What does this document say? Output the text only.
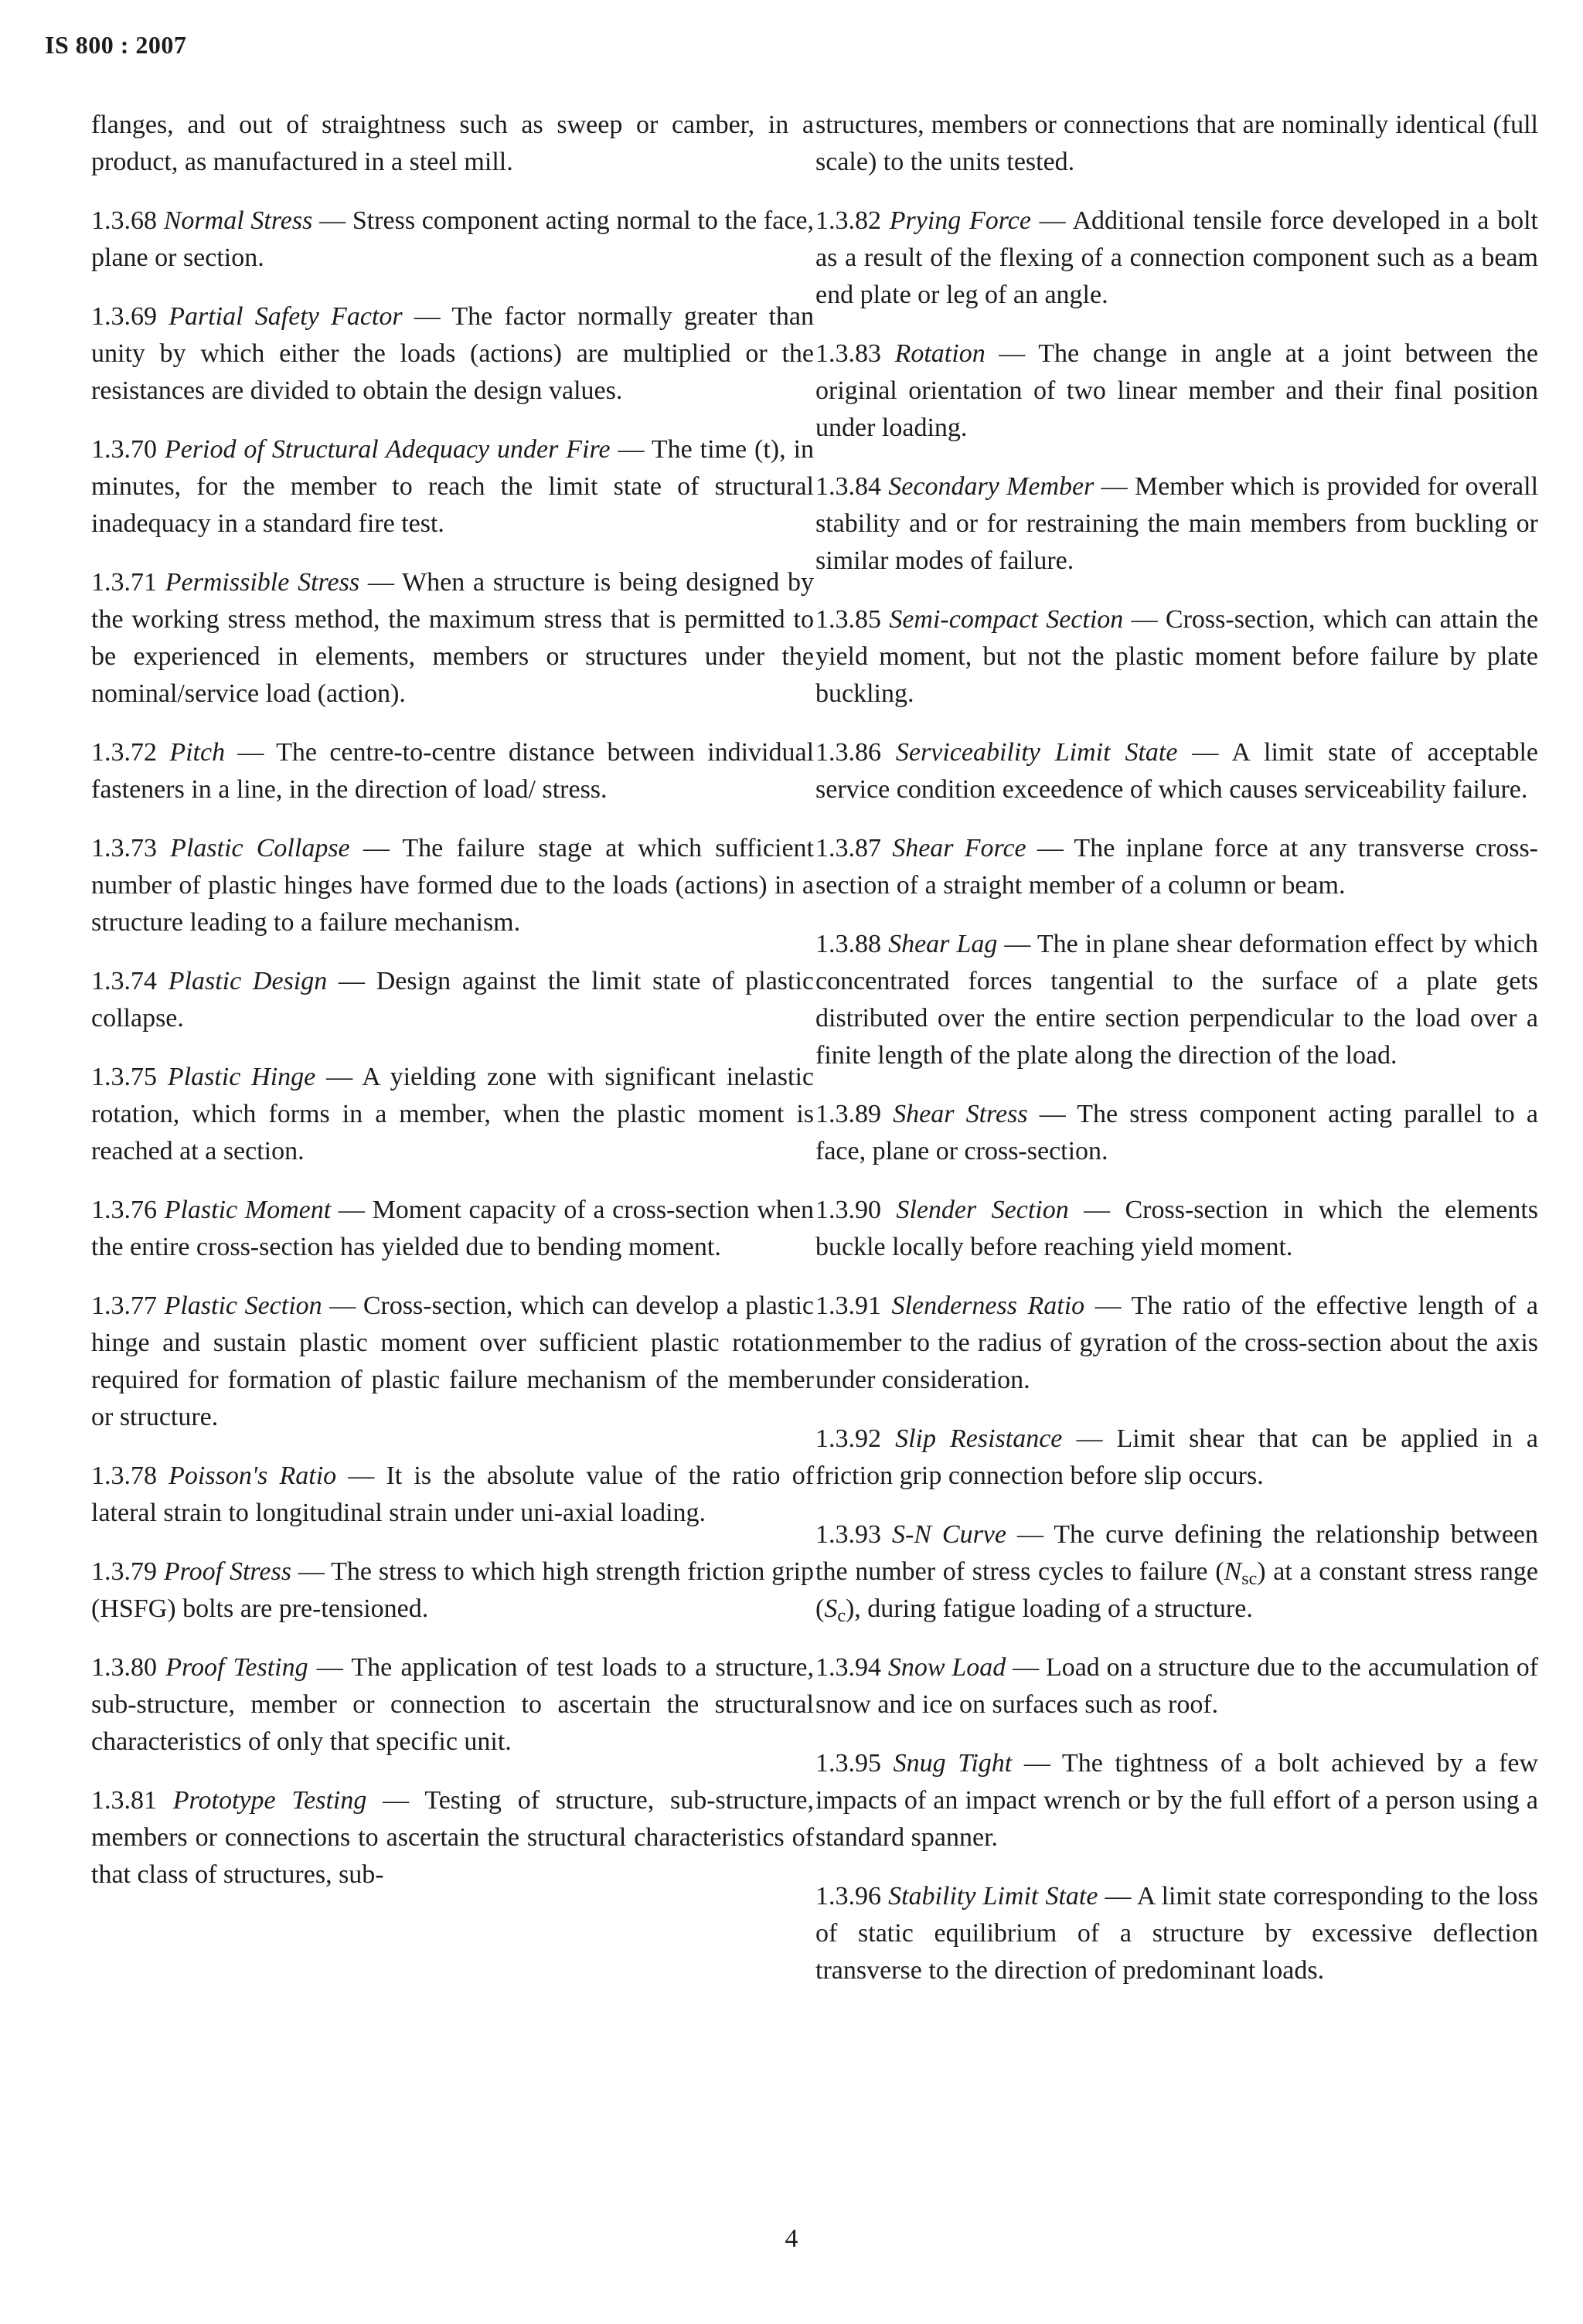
IS 800 : 2007

flanges, and out of straightness such as sweep or camber, in a product, as manufactured in a steel mill.

1.3.68 Normal Stress — Stress component acting normal to the face, plane or section.

1.3.69 Partial Safety Factor — The factor normally greater than unity by which either the loads (actions) are multiplied or the resistances are divided to obtain the design values.

1.3.70 Period of Structural Adequacy under Fire — The time (t), in minutes, for the member to reach the limit state of structural inadequacy in a standard fire test.

1.3.71 Permissible Stress — When a structure is being designed by the working stress method, the maximum stress that is permitted to be experienced in elements, members or structures under the nominal/service load (action).

1.3.72 Pitch — The centre-to-centre distance between individual fasteners in a line, in the direction of load/ stress.

1.3.73 Plastic Collapse — The failure stage at which sufficient number of plastic hinges have formed due to the loads (actions) in a structure leading to a failure mechanism.

1.3.74 Plastic Design — Design against the limit state of plastic collapse.

1.3.75 Plastic Hinge — A yielding zone with significant inelastic rotation, which forms in a member, when the plastic moment is reached at a section.

1.3.76 Plastic Moment — Moment capacity of a cross-section when the entire cross-section has yielded due to bending moment.

1.3.77 Plastic Section — Cross-section, which can develop a plastic hinge and sustain plastic moment over sufficient plastic rotation required for formation of plastic failure mechanism of the member or structure.

1.3.78 Poisson's Ratio — It is the absolute value of the ratio of lateral strain to longitudinal strain under uni-axial loading.

1.3.79 Proof Stress — The stress to which high strength friction grip (HSFG) bolts are pre-tensioned.

1.3.80 Proof Testing — The application of test loads to a structure, sub-structure, member or connection to ascertain the structural characteristics of only that specific unit.

1.3.81 Prototype Testing — Testing of structure, sub-structure, members or connections to ascertain the structural characteristics of that class of structures, sub-

structures, members or connections that are nominally identical (full scale) to the units tested.

1.3.82 Prying Force — Additional tensile force developed in a bolt as a result of the flexing of a connection component such as a beam end plate or leg of an angle.

1.3.83 Rotation — The change in angle at a joint between the original orientation of two linear member and their final position under loading.

1.3.84 Secondary Member — Member which is provided for overall stability and or for restraining the main members from buckling or similar modes of failure.

1.3.85 Semi-compact Section — Cross-section, which can attain the yield moment, but not the plastic moment before failure by plate buckling.

1.3.86 Serviceability Limit State — A limit state of acceptable service condition exceedence of which causes serviceability failure.

1.3.87 Shear Force — The inplane force at any transverse cross-section of a straight member of a column or beam.

1.3.88 Shear Lag — The in plane shear deformation effect by which concentrated forces tangential to the surface of a plate gets distributed over the entire section perpendicular to the load over a finite length of the plate along the direction of the load.

1.3.89 Shear Stress — The stress component acting parallel to a face, plane or cross-section.

1.3.90 Slender Section — Cross-section in which the elements buckle locally before reaching yield moment.

1.3.91 Slenderness Ratio — The ratio of the effective length of a member to the radius of gyration of the cross-section about the axis under consideration.

1.3.92 Slip Resistance — Limit shear that can be applied in a friction grip connection before slip occurs.

1.3.93 S-N Curve — The curve defining the relationship between the number of stress cycles to failure $(N_{sc})$ at a constant stress range $(S_c)$, during fatigue loading of a structure.

1.3.94 Snow Load — Load on a structure due to the accumulation of snow and ice on surfaces such as roof.

1.3.95 Snug Tight — The tightness of a bolt achieved by a few impacts of an impact wrench or by the full effort of a person using a standard spanner.

1.3.96 Stability Limit State — A limit state corresponding to the loss of static equilibrium of a structure by excessive deflection transverse to the direction of predominant loads.

4
